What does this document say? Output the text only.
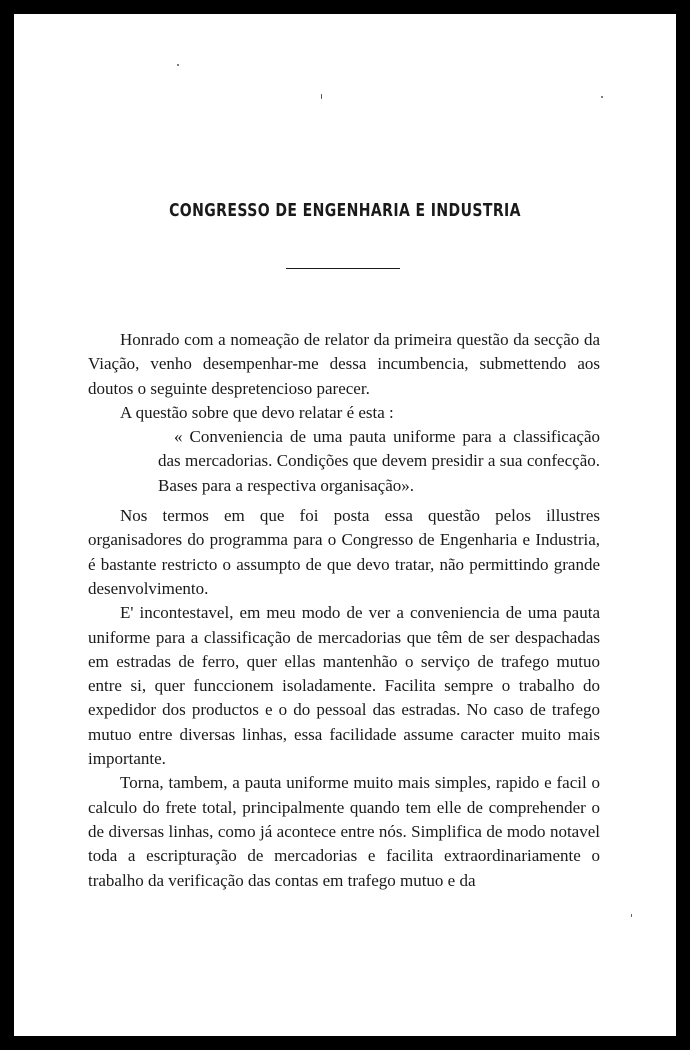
CONGRESSO DE ENGENHARIA E INDUSTRIA

Honrado com a nomeação de relator da primeira questão da secção da Viação, venho desempenhar-me dessa incumbencia, submettendo aos doutos o seguinte despretencioso parecer.

A questão sobre que devo relatar é esta :

« Conveniencia de uma pauta uniforme para a classificação das mercadorias. Condições que devem presidir a sua confecção. Bases para a respectiva organisação».

Nos termos em que foi posta essa questão pelos illustres organisadores do programma para o Congresso de Engenharia e Industria, é bastante restricto o assumpto de que devo tratar, não permittindo grande desenvolvimento.

E' incontestavel, em meu modo de ver a conveniencia de uma pauta uniforme para a classificação de mercadorias que têm de ser despachadas em estradas de ferro, quer ellas mantenhão o serviço de trafego mutuo entre si, quer funccionem isoladamente. Facilita sempre o trabalho do expedidor dos productos e o do pessoal das estradas. No caso de trafego mutuo entre diversas linhas, essa facilidade assume caracter muito mais importante.

Torna, tambem, a pauta uniforme muito mais simples, rapido e facil o calculo do frete total, principalmente quando tem elle de comprehender o de diversas linhas, como já acontece entre nós. Simplifica de modo notavel toda a escripturação de mercadorias e facilita extraordinariamente o trabalho da verificação das contas em trafego mutuo e da
